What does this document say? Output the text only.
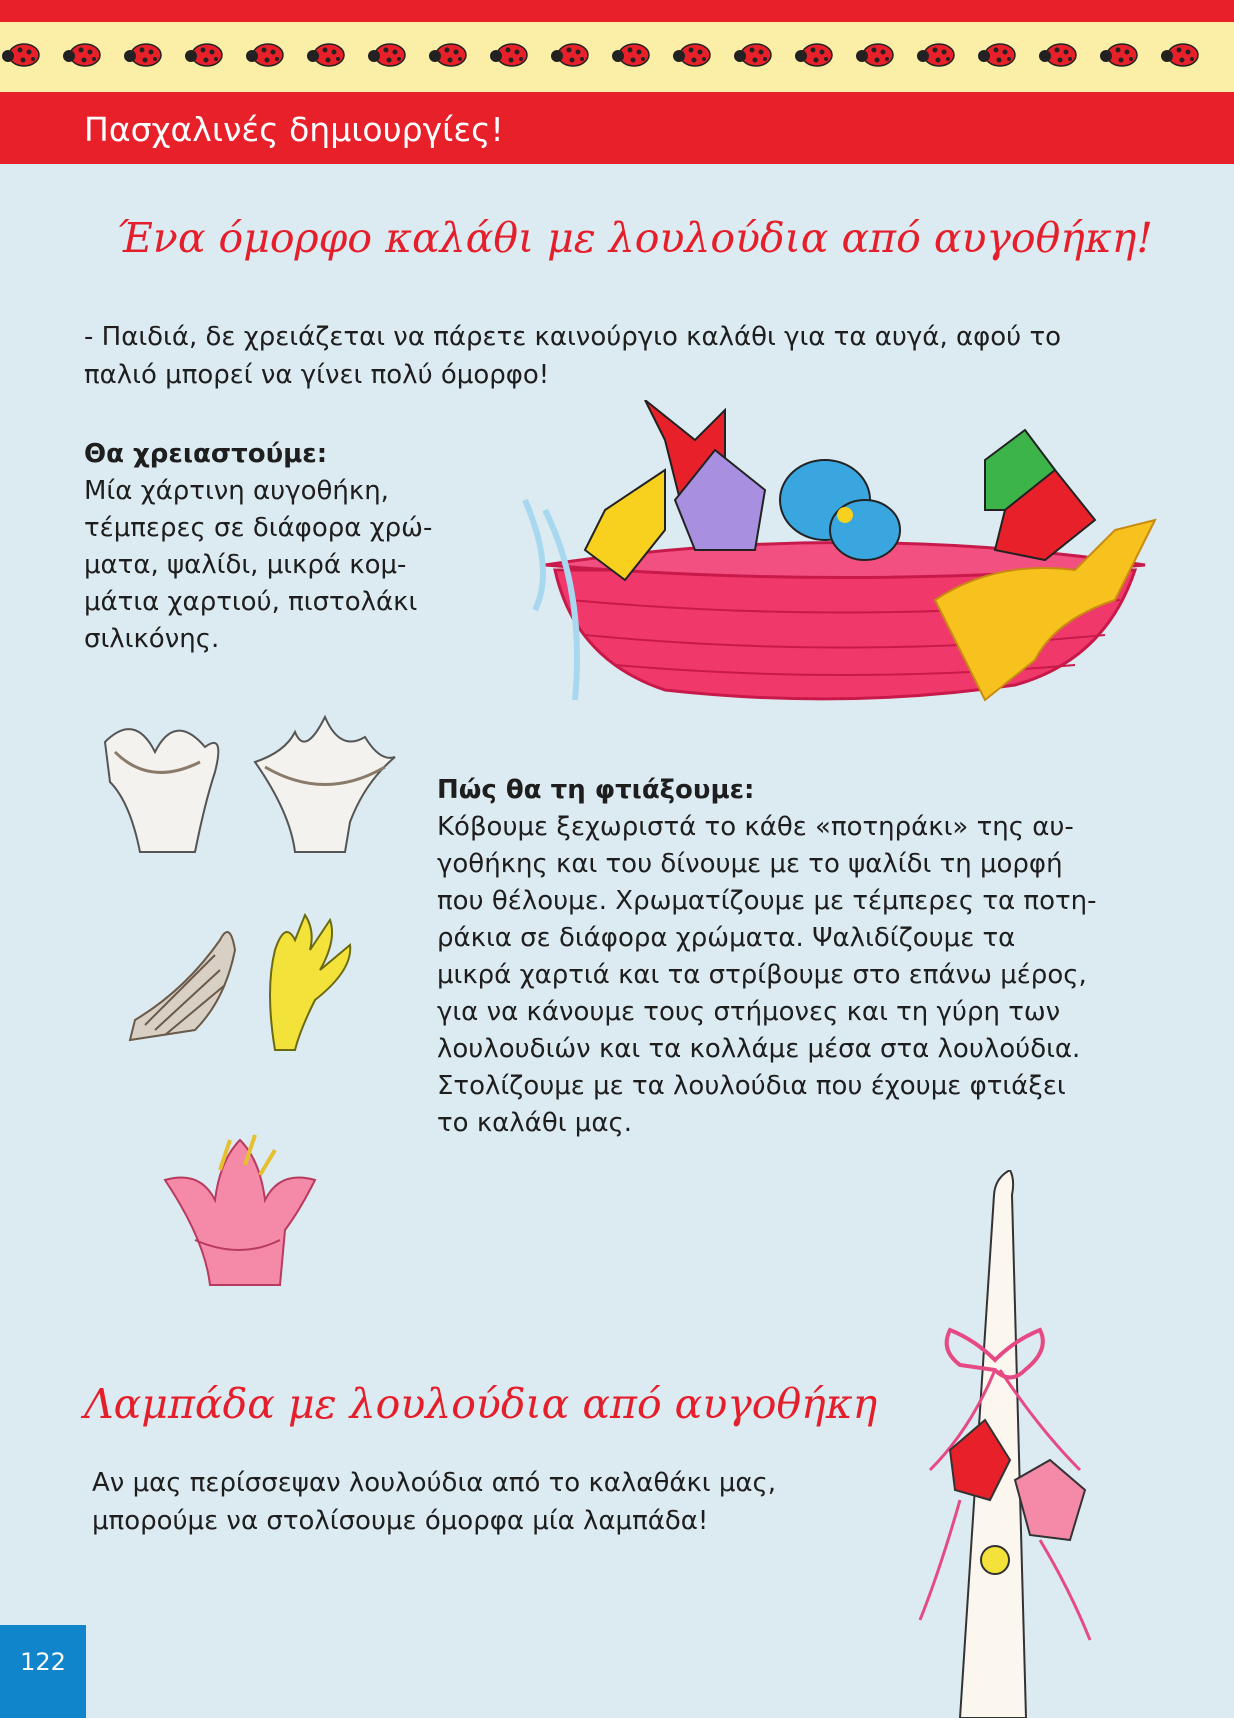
Πασχαλινές δημιουργίες!
Ένα όμορφο καλάθι με λουλούδια από αυγοθήκη!

- Παιδιά, δε χρειάζεται να πάρετε καινούργιο καλάθι για τα αυγά, αφού το

παλιό μπορεί να γίνει πολύ όμορφο!

Θα χρειαστούμε:

Μία χάρτινη αυγοθήκη,

τέμπερες σε διάφορα χρώ-

ματα, ψαλίδι, μικρά κομ-

μάτια χαρτιού, πιστολάκι

σιλικόνης.

Πώς θα τη φτιάξουμε:

Κόβουμε ξεχωριστά το κάθε «ποτηράκι» της αυ-

γοθήκης και του δίνουμε με το ψαλίδι τη μορφή

που θέλουμε. Χρωματίζουμε με τέμπερες τα ποτη-

ράκια σε διάφορα χρώματα. Ψαλιδίζουμε τα

μικρά χαρτιά και τα στρίβουμε στο επάνω μέρος,

για να κάνουμε τους στήμονες και τη γύρη των

λουλουδιών και τα κολλάμε μέσα στα λουλούδια.

Στολίζουμε με τα λουλούδια που έχουμε φτιάξει

το καλάθι μας.

Λαμπάδα με λουλούδια από αυγοθήκη

Αν μας περίσσεψαν λουλούδια από το καλαθάκι μας,

μπορούμε να στολίσουμε όμορφα μία λαμπάδα!

122
